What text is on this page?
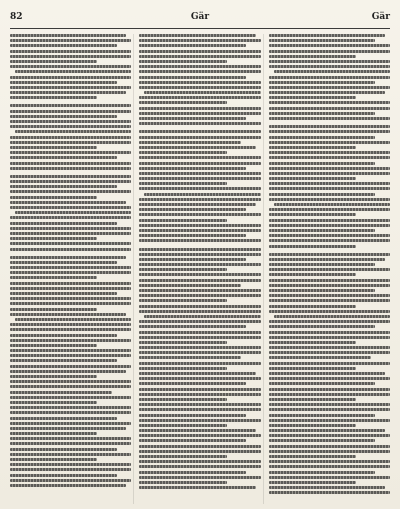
82	Gär	Gär
